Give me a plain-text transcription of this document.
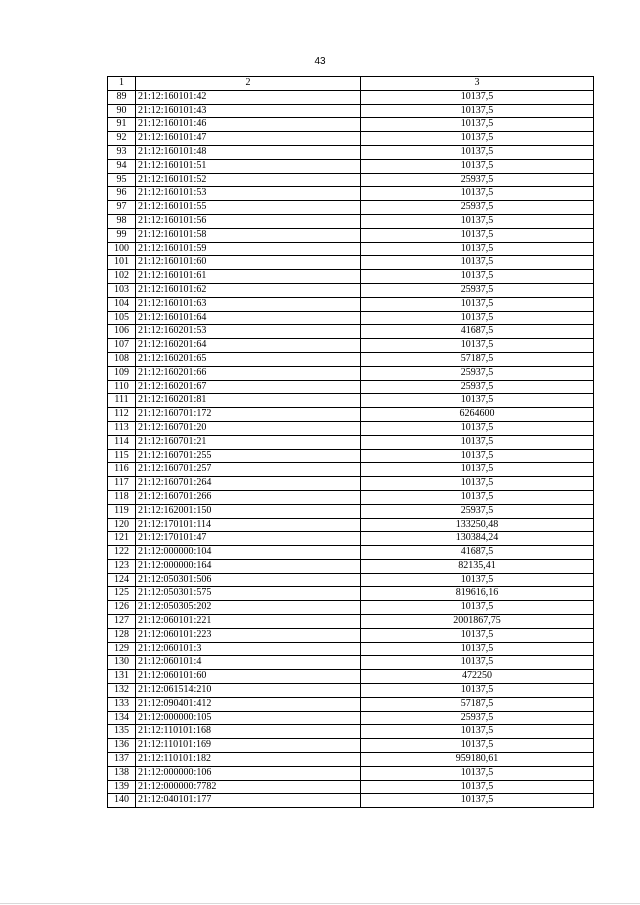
43
1	2	3
89	21:12:160101:42	10137,5
90	21:12:160101:43	10137,5
91	21:12:160101:46	10137,5
92	21:12:160101:47	10137,5
93	21:12:160101:48	10137,5
94	21:12:160101:51	10137,5
95	21:12:160101:52	25937,5
96	21:12:160101:53	10137,5
97	21:12:160101:55	25937,5
98	21:12:160101:56	10137,5
99	21:12:160101:58	10137,5
100	21:12:160101:59	10137,5
101	21:12:160101:60	10137,5
102	21:12:160101:61	10137,5
103	21:12:160101:62	25937,5
104	21:12:160101:63	10137,5
105	21:12:160101:64	10137,5
106	21:12:160201:53	41687,5
107	21:12:160201:64	10137,5
108	21:12:160201:65	57187,5
109	21:12:160201:66	25937,5
110	21:12:160201:67	25937,5
111	21:12:160201:81	10137,5
112	21:12:160701:172	6264600
113	21:12:160701:20	10137,5
114	21:12:160701:21	10137,5
115	21:12:160701:255	10137,5
116	21:12:160701:257	10137,5
117	21:12:160701:264	10137,5
118	21:12:160701:266	10137,5
119	21:12:162001:150	25937,5
120	21:12:170101:114	133250,48
121	21:12:170101:47	130384,24
122	21:12:000000:104	41687,5
123	21:12:000000:164	82135,41
124	21:12:050301:506	10137,5
125	21:12:050301:575	819616,16
126	21:12:050305:202	10137,5
127	21:12:060101:221	2001867,75
128	21:12:060101:223	10137,5
129	21:12:060101:3	10137,5
130	21:12:060101:4	10137,5
131	21:12:060101:60	472250
132	21:12:061514:210	10137,5
133	21:12:090401:412	57187,5
134	21:12:000000:105	25937,5
135	21:12:110101:168	10137,5
136	21:12:110101:169	10137,5
137	21:12:110101:182	959180,61
138	21:12:000000:106	10137,5
139	21:12:000000:7782	10137,5
140	21:12:040101:177	10137,5
